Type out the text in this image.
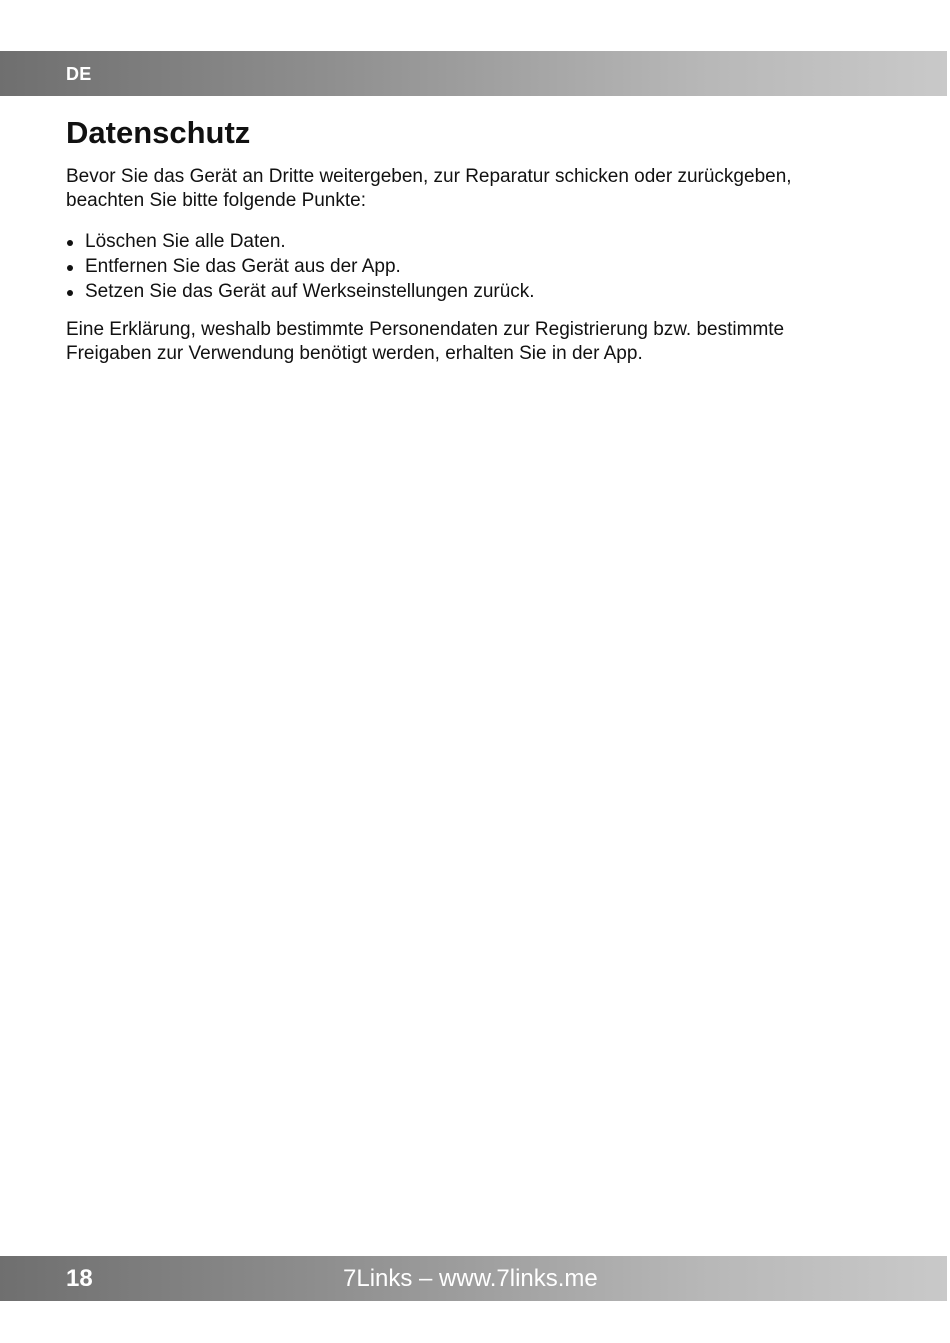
DE
Datenschutz

Bevor Sie das Gerät an Dritte weitergeben, zur Reparatur schicken oder zurückgeben, beachten Sie bitte folgende Punkte:

Löschen Sie alle Daten.
Entfernen Sie das Gerät aus der App.
Setzen Sie das Gerät auf Werkseinstellungen zurück.

Eine Erklärung, weshalb bestimmte Personendaten zur Registrierung bzw. bestimmte Freigaben zur Verwendung benötigt werden, erhalten Sie in der App.

18	7Links – www.7links.me
